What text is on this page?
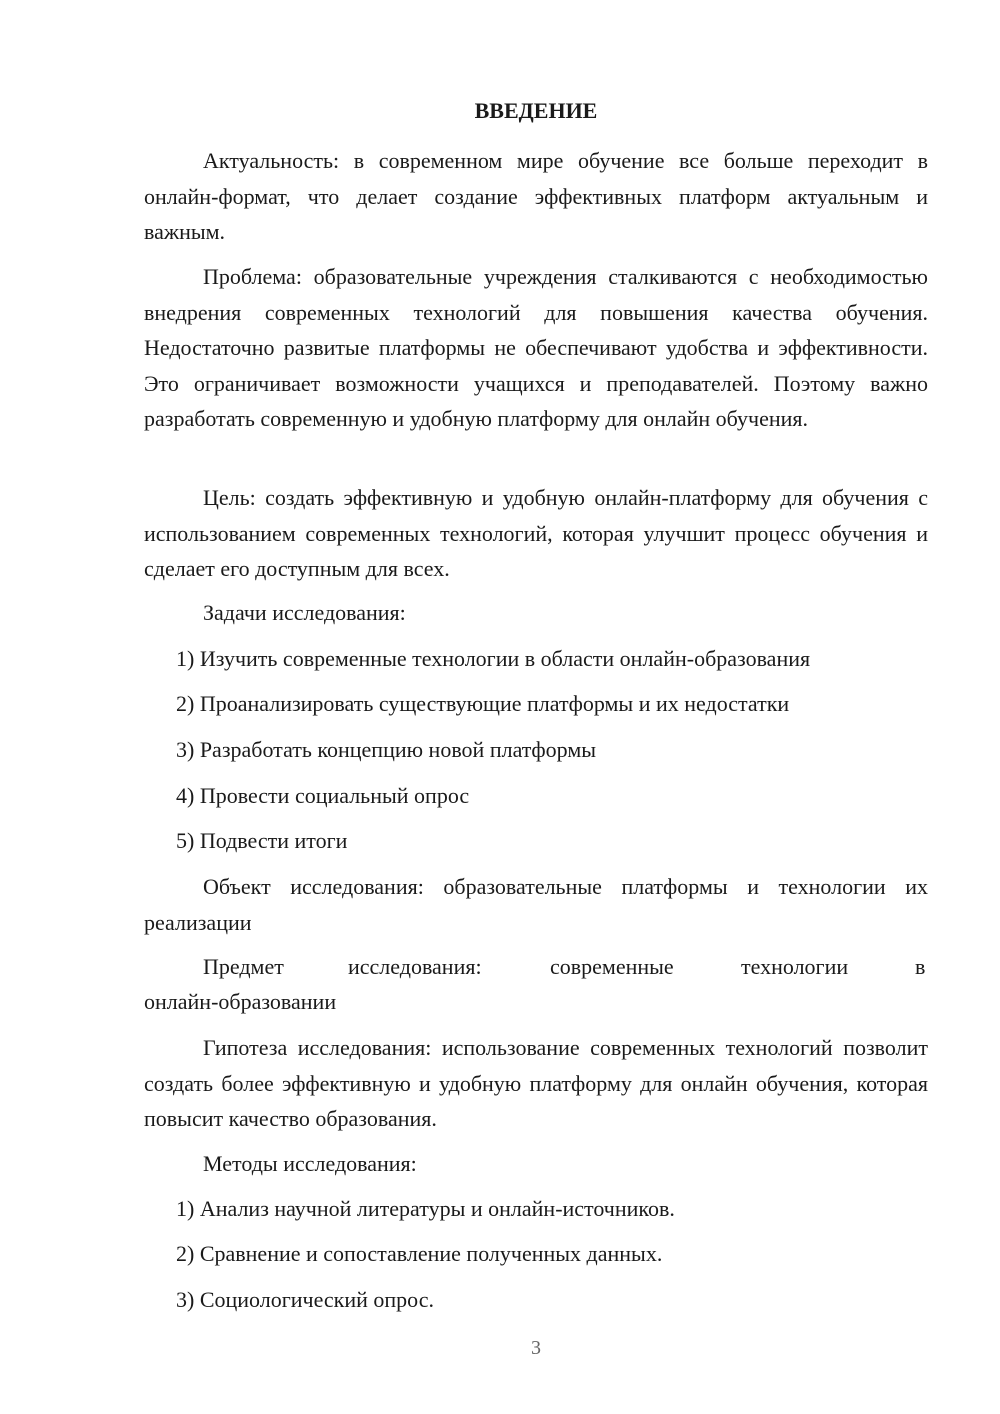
ВВЕДЕНИЕ

Актуальность: в современном мире обучение все больше переходит в онлайн-формат, что делает создание эффективных платформ актуальным и важным.

Проблема: образовательные учреждения сталкиваются с необходимостью внедрения современных технологий для повышения качества обучения. Недостаточно развитые платформы не обеспечивают удобства и эффективности. Это ограничивает возможности учащихся и преподавателей. Поэтому важно разработать современную и удобную платформу для онлайн обучения.

Цель: создать эффективную и удобную онлайн-платформу для обучения с использованием современных технологий, которая улучшит процесс обучения и сделает его доступным для всех.

Задачи исследования:

1) Изучить современные технологии в области онлайн-образования

2) Проанализировать существующие платформы и их недостатки

3) Разработать концепцию новой платформы

4) Провести социальный опрос

5) Подвести итоги

Объект исследования: образовательные платформы и технологии их реализации

Предмет	исследования:	современные	технологии	в
онлайн-образовании

Гипотеза исследования: использование современных технологий позволит создать более эффективную и удобную платформу для онлайн обучения, которая повысит качество образования.

Методы исследования:

1) Анализ научной литературы и онлайн-источников.

2) Сравнение и сопоставление полученных данных.

3) Социологический опрос.

3
